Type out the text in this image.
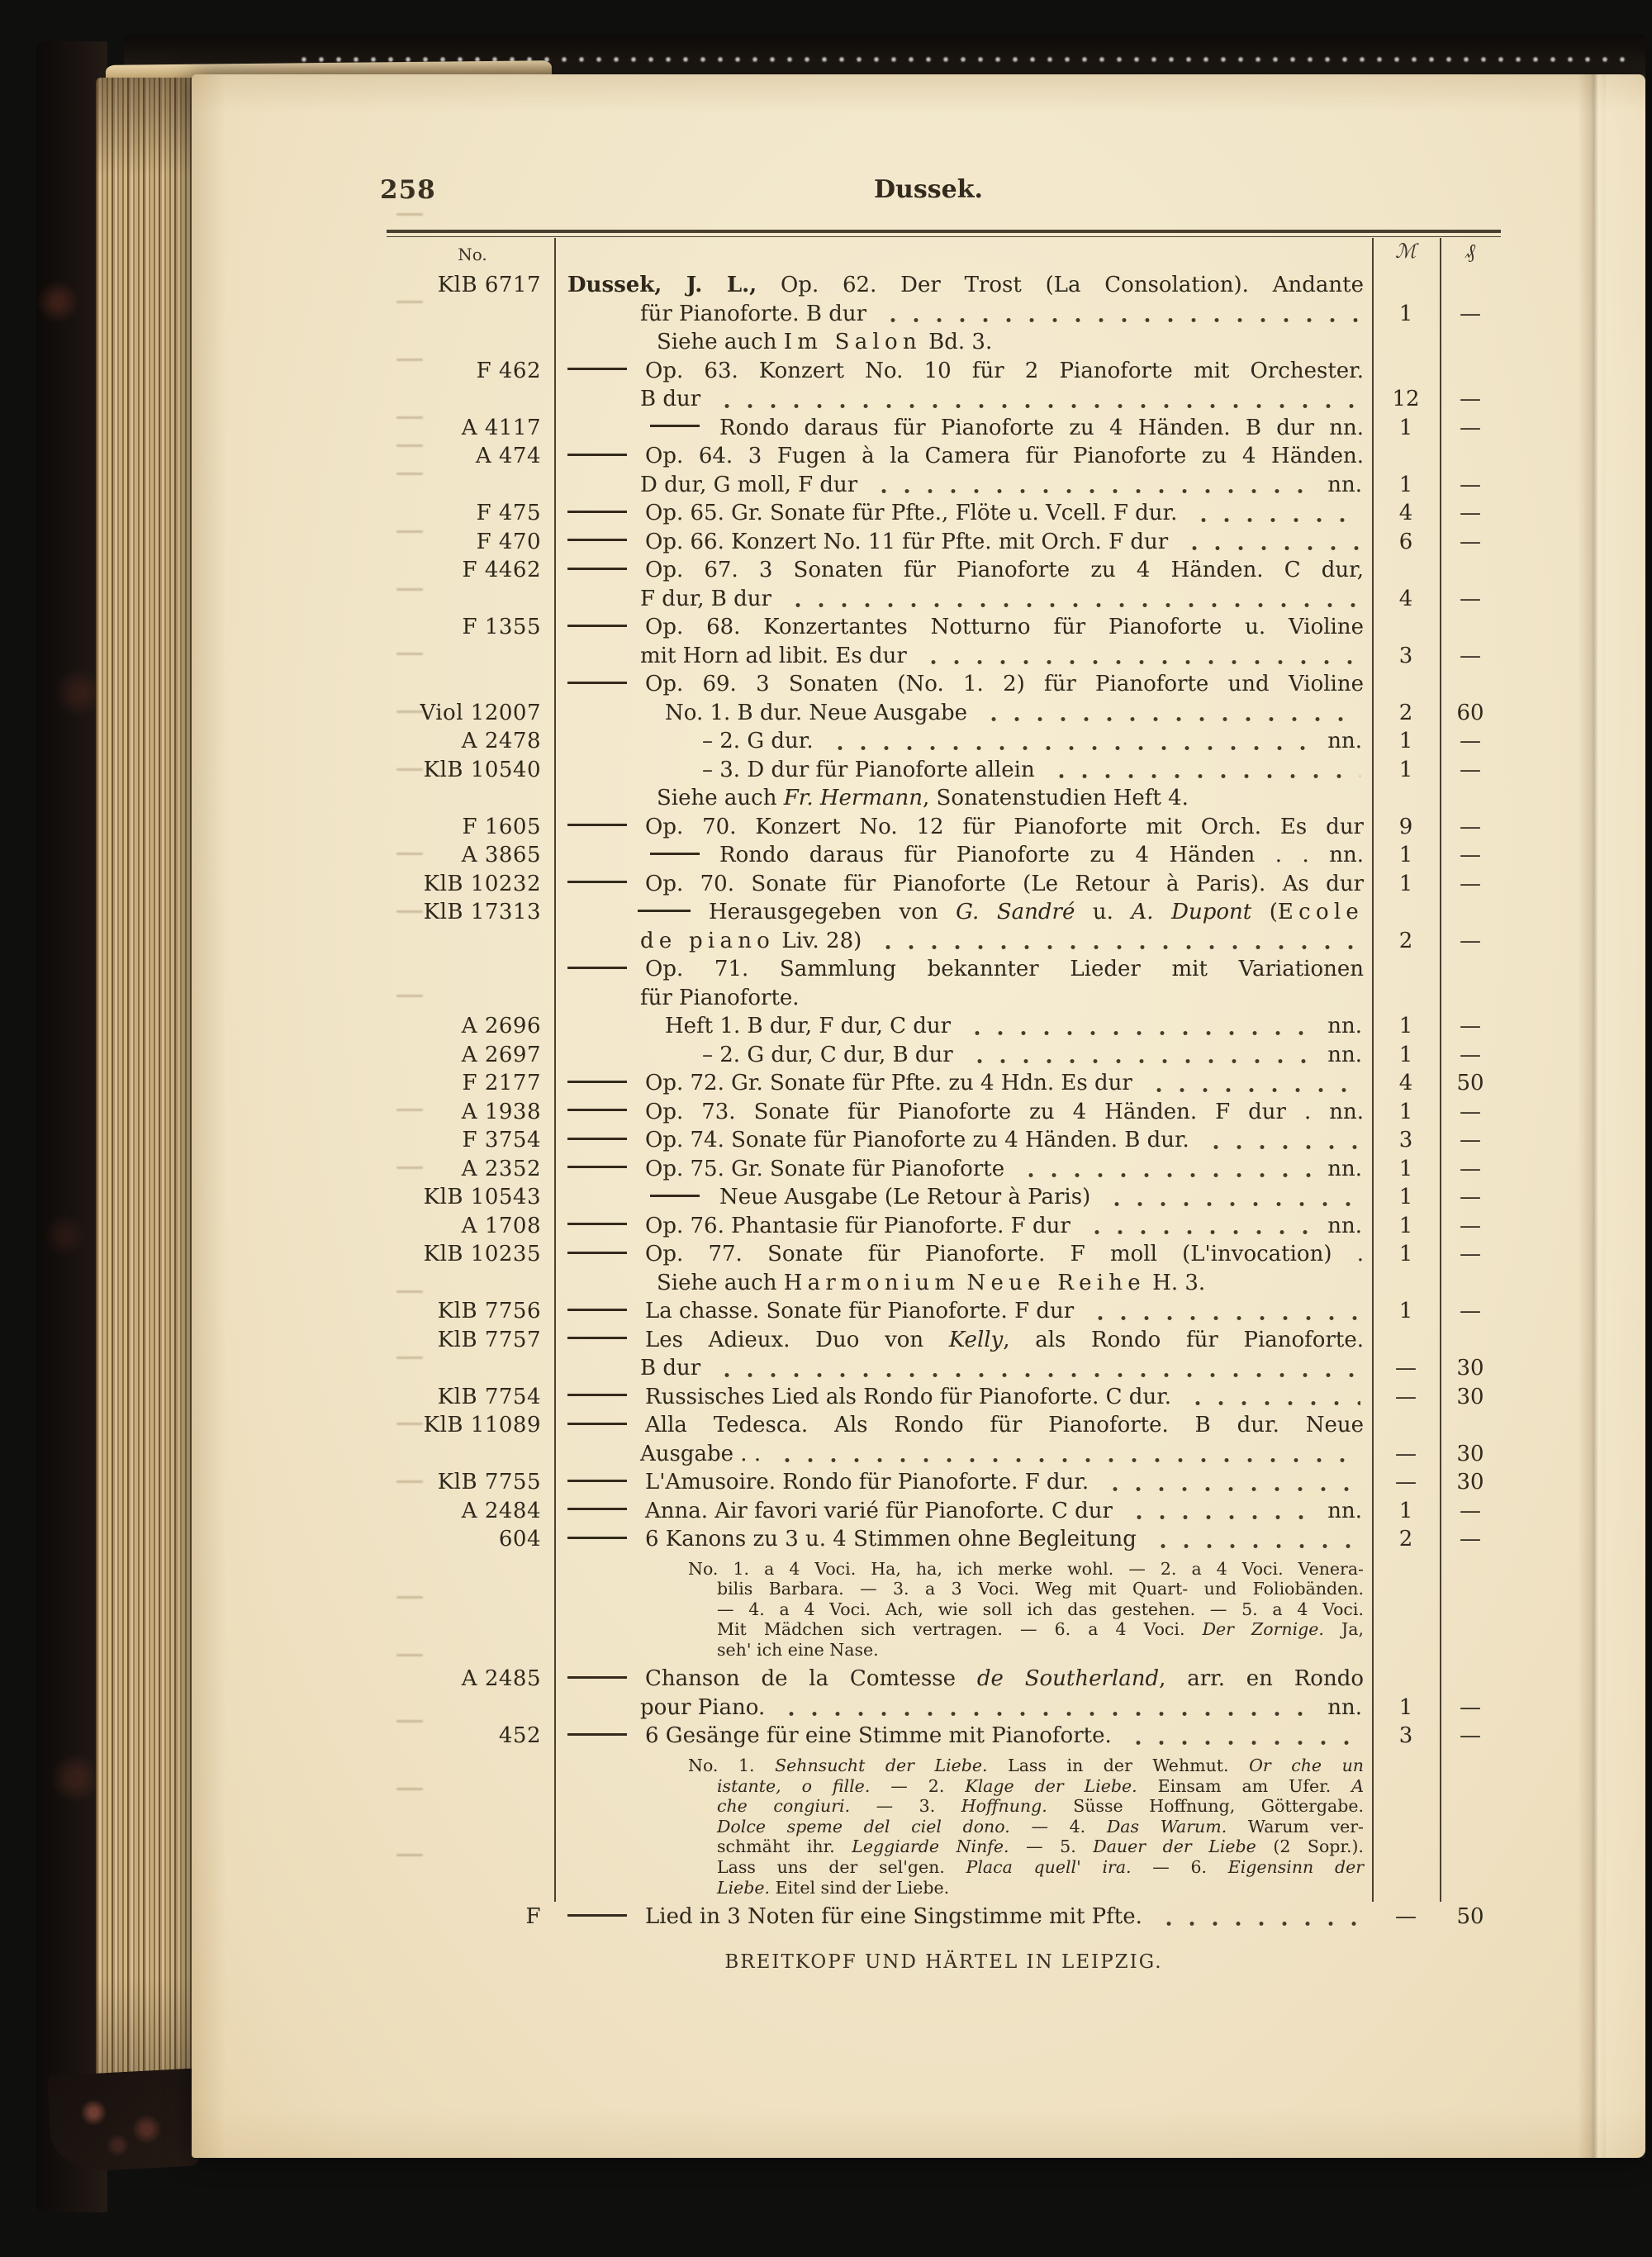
258	Dussek.
No.	ℳ	₰
KlB 6717	Dussek, J. L., Op. 62. Der Trost (La Consolation). Andante
für Pianoforte. B dur	1	—
Siehe auch Im Salon Bd. 3.
F 462	Op. 63. Konzert No. 10 für 2 Pianoforte mit Orchester.
B dur	12	—
A 4117	Rondo daraus für Pianoforte zu 4 Händen. B dur nn.	1	—
A 474	Op. 64. 3 Fugen à la Camera für Pianoforte zu 4 Händen.
D dur, G moll, F dur	nn.	1	—
F 475	Op. 65. Gr. Sonate für Pfte., Flöte u. Vcell. F dur.	4	—
F 470	Op. 66. Konzert No. 11 für Pfte. mit Orch. F dur	6	—
F 4462	Op. 67. 3 Sonaten für Pianoforte zu 4 Händen. C dur,
F dur, B dur	4	—
F 1355	Op. 68. Konzertantes Notturno für Pianoforte u. Violine
mit Horn ad libit. Es dur	3	—
Op. 69. 3 Sonaten (No. 1. 2) für Pianoforte und Violine
Viol 12007	No. 1. B dur. Neue Ausgabe	2	60
A 2478	– 2. G dur.	nn.	1	—
KlB 10540	– 3. D dur für Pianoforte allein	1	—
Siehe auch Fr. Hermann, Sonatenstudien Heft 4.
F 1605	Op. 70. Konzert No. 12 für Pianoforte mit Orch. Es dur	9	—
A 3865	Rondo daraus für Pianoforte zu 4 Händen . . nn.	1	—
KlB 10232	Op. 70. Sonate für Pianoforte (Le Retour à Paris). As dur	1	—
KlB 17313	Herausgegeben von G. Sandré u. A. Dupont (Ecole
de piano Liv. 28)	2	—
Op. 71. Sammlung bekannter Lieder mit Variationen
für Pianoforte.
A 2696	Heft 1. B dur, F dur, C dur	nn.	1	—
A 2697	– 2. G dur, C dur, B dur	nn.	1	—
F 2177	Op. 72. Gr. Sonate für Pfte. zu 4 Hdn. Es dur	4	50
A 1938	Op. 73. Sonate für Pianoforte zu 4 Händen. F dur . nn.	1	—
F 3754	Op. 74. Sonate für Pianoforte zu 4 Händen. B dur.	3	—
A 2352	Op. 75. Gr. Sonate für Pianoforte	nn.	1	—
KlB 10543	Neue Ausgabe (Le Retour à Paris)	1	—
A 1708	Op. 76. Phantasie für Pianoforte. F dur	nn.	1	—
KlB 10235	Op. 77. Sonate für Pianoforte. F moll (L'invocation) .	1	—
Siehe auch Harmonium Neue Reihe H. 3.
KlB 7756	La chasse. Sonate für Pianoforte. F dur	1	—
KlB 7757	Les Adieux. Duo von Kelly, als Rondo für Pianoforte.
B dur	—	30
KlB 7754	Russisches Lied als Rondo für Pianoforte. C dur.	—	30
KlB 11089	Alla Tedesca. Als Rondo für Pianoforte. B dur. Neue
Ausgabe . .	—	30
KlB 7755	L'Amusoire. Rondo für Pianoforte. F dur.	—	30
A 2484	Anna. Air favori varié für Pianoforte. C dur	nn.	1	—
604	6 Kanons zu 3 u. 4 Stimmen ohne Begleitung	2	—
No. 1. a 4 Voci. Ha, ha, ich merke wohl. — 2. a 4 Voci. Venera-
bilis Barbara. — 3. a 3 Voci. Weg mit Quart- und Foliobänden.
— 4. a 4 Voci. Ach, wie soll ich das gestehen. — 5. a 4 Voci.
Mit Mädchen sich vertragen. — 6. a 4 Voci. Der Zornige. Ja,
seh' ich eine Nase.
A 2485	Chanson de la Comtesse de Southerland, arr. en Rondo
pour Piano.	nn.	1	—
452	6 Gesänge für eine Stimme mit Pianoforte.	3	—
No. 1. Sehnsucht der Liebe. Lass in der Wehmut. Or che un
istante, o fille. — 2. Klage der Liebe. Einsam am Ufer. A
che congiuri. — 3. Hoffnung. Süsse Hoffnung, Göttergabe.
Dolce speme del ciel dono. — 4. Das Warum. Warum ver-
schmäht ihr. Leggiarde Ninfe. — 5. Dauer der Liebe (2 Sopr.).
Lass uns der sel'gen. Placa quell' ira. — 6. Eigensinn der
Liebe. Eitel sind der Liebe.
F	Lied in 3 Noten für eine Singstimme mit Pfte.	—	50
BREITKOPF UND HÄRTEL IN LEIPZIG.
